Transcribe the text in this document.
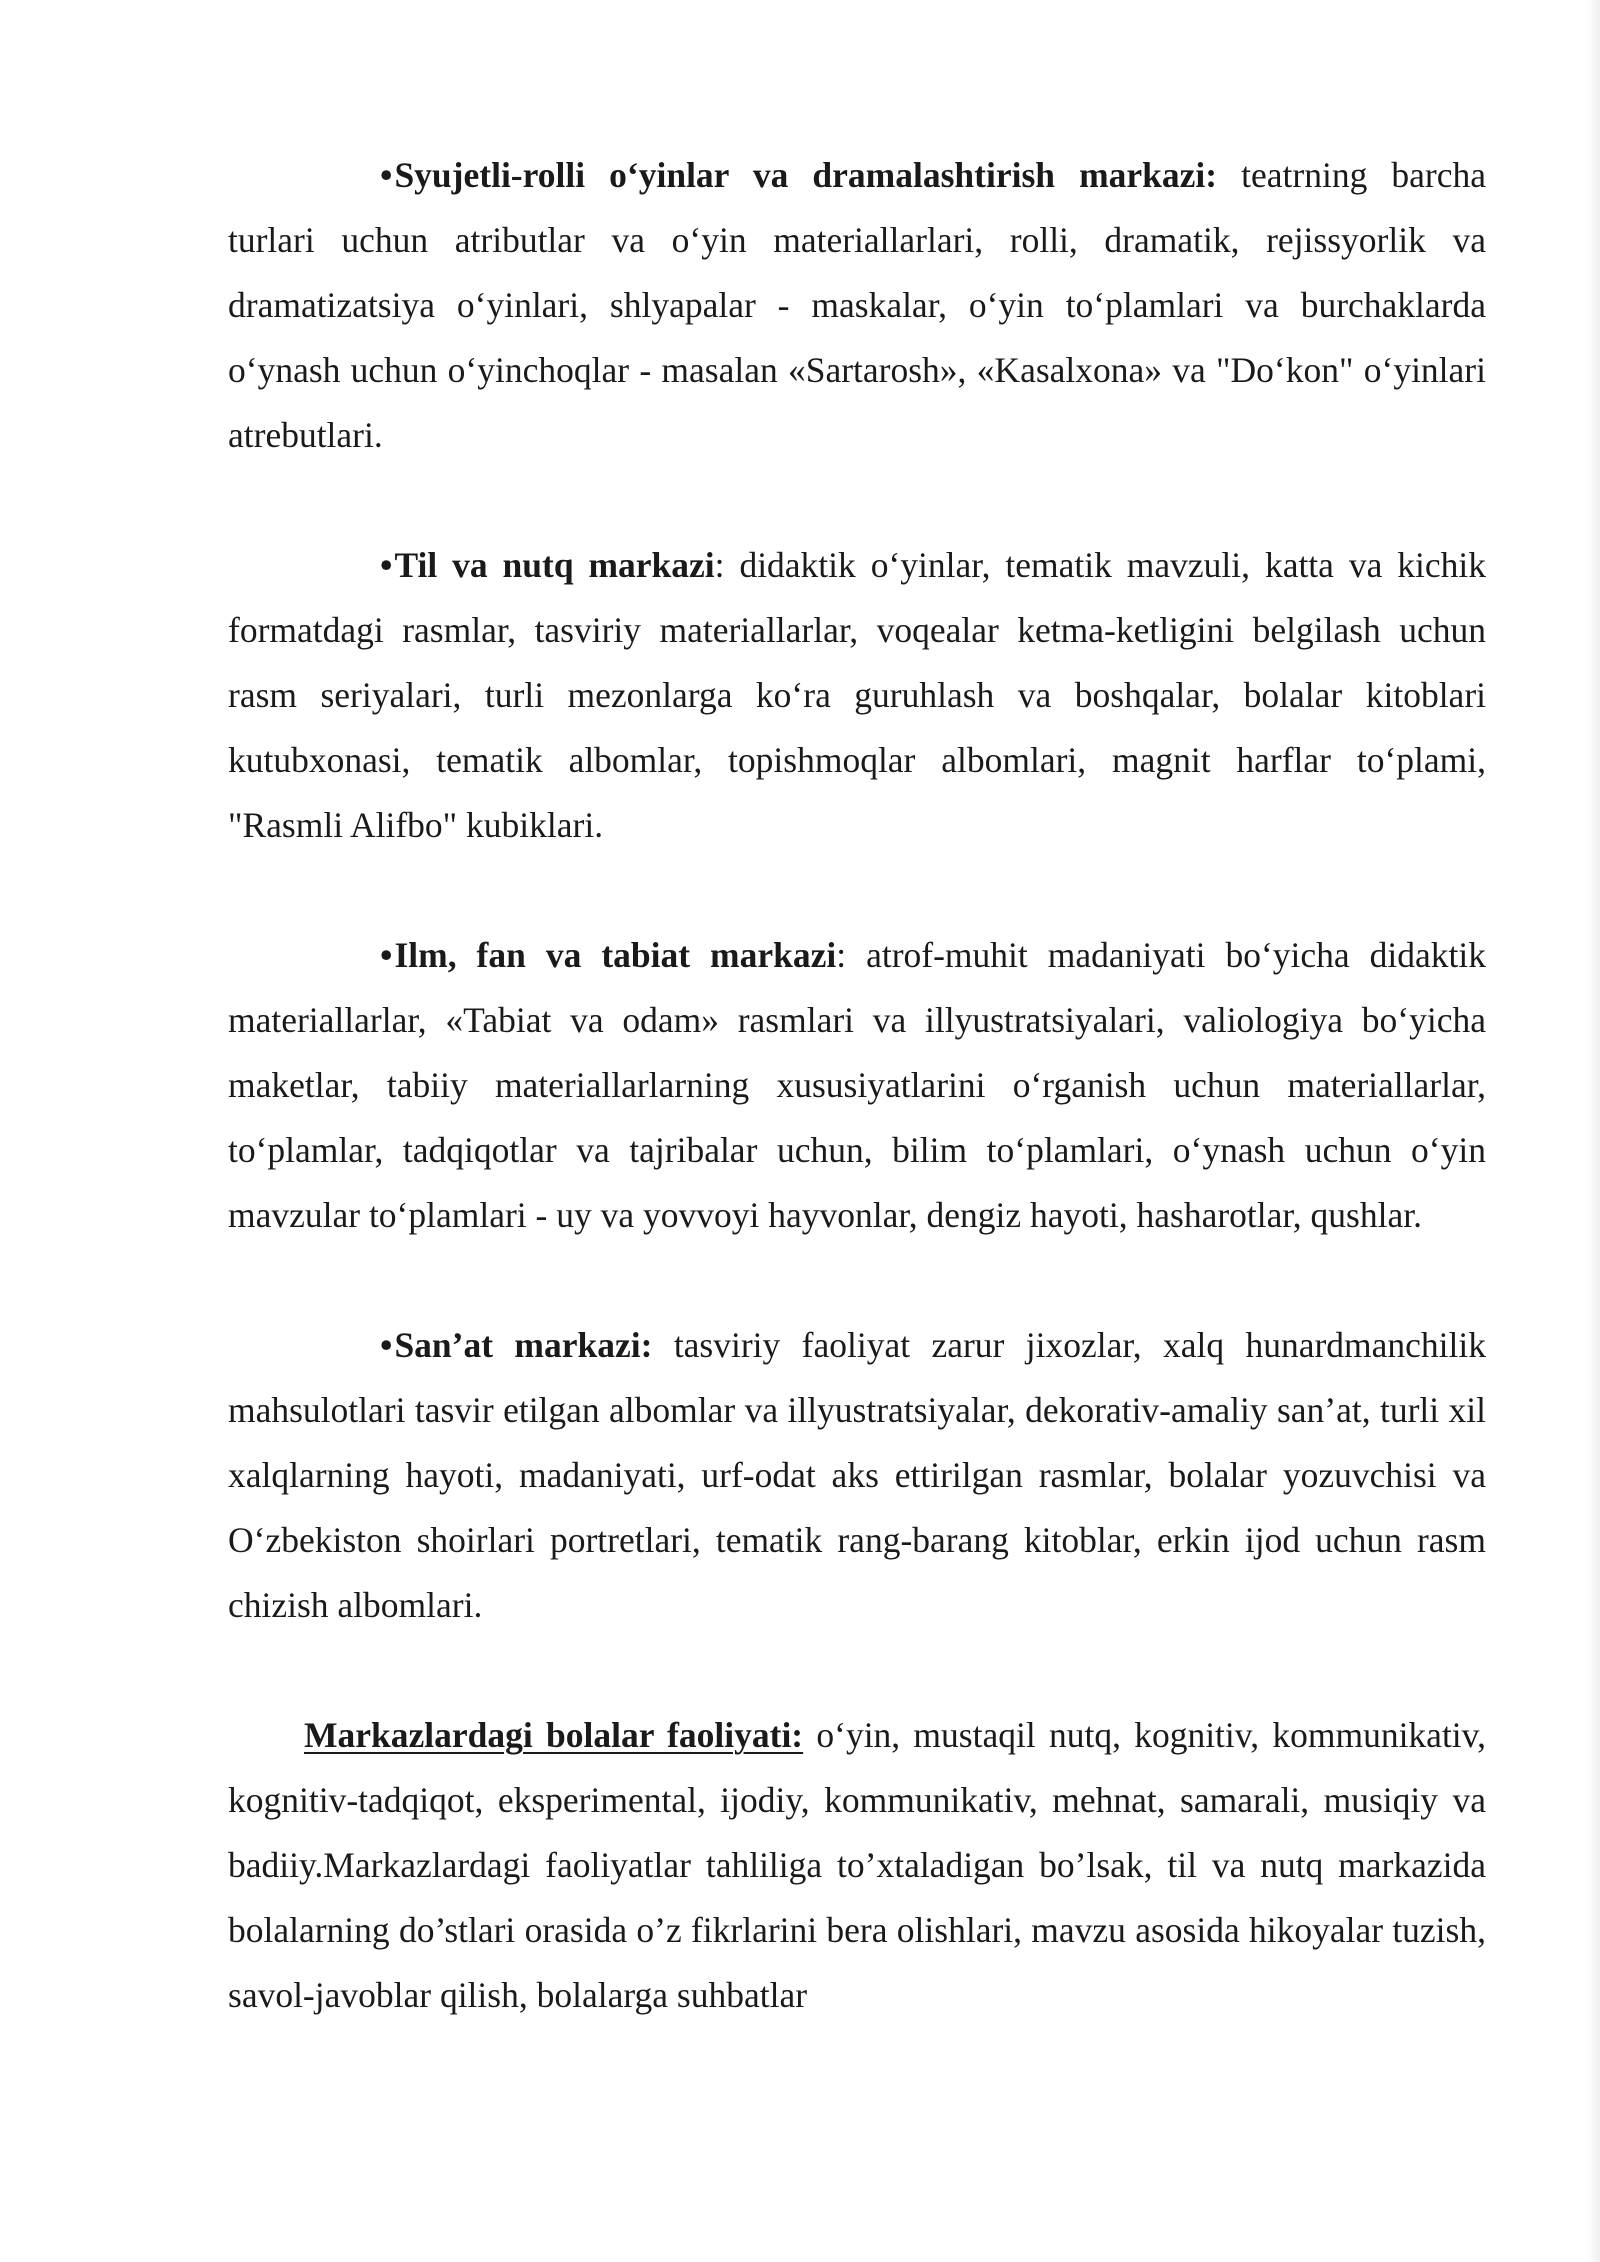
•Syujetli-rolli o‘yinlar va dramalashtirish markazi: teatrning barcha turlari uchun atributlar va o‘yin materiallarlari, rolli, dramatik, rejissyorlik va dramatizatsiya o‘yinlari, shlyapalar - maskalar, o‘yin to‘plamlari va burchaklarda o‘ynash uchun o‘yinchoqlar - masalan «Sartarosh», «Kasalxona» va "Do‘kon" o‘yinlari atrebutlari.

•Til va nutq markazi: didaktik o‘yinlar, tematik mavzuli, katta va kichik formatdagi rasmlar, tasviriy materiallarlar, voqealar ketma-ketligini belgilash uchun rasm seriyalari, turli mezonlarga ko‘ra guruhlash va boshqalar, bolalar kitoblari kutubxonasi, tematik albomlar, topishmoqlar albomlari, magnit harflar to‘plami, "Rasmli Alifbo" kubiklari.

•Ilm, fan va tabiat markazi: atrof-muhit madaniyati bo‘yicha didaktik materiallarlar, «Tabiat va odam» rasmlari va illyustratsiyalari, valiologiya bo‘yicha maketlar, tabiiy materiallarlarning xususiyatlarini o‘rganish uchun materiallarlar, to‘plamlar, tadqiqotlar va tajribalar uchun, bilim to‘plamlari, o‘ynash uchun o‘yin mavzular to‘plamlari - uy va yovvoyi hayvonlar, dengiz hayoti, hasharotlar, qushlar.

•San’at markazi: tasviriy faoliyat zarur jixozlar, xalq hunardmanchilik mahsulotlari tasvir etilgan albomlar va illyustratsiyalar, dekorativ-amaliy san’at, turli xil xalqlarning hayoti, madaniyati, urf-odat aks ettirilgan rasmlar, bolalar yozuvchisi va O‘zbekiston shoirlari portretlari, tematik rang-barang kitoblar, erkin ijod uchun rasm chizish albomlari.

Markazlardagi bolalar faoliyati: o‘yin, mustaqil nutq, kognitiv, kommunikativ, kognitiv-tadqiqot, eksperimental, ijodiy, kommunikativ, mehnat, samarali, musiqiy va badiiy.Markazlardagi faoliyatlar tahliliga to’xtaladigan bo’lsak, til va nutq markazida bolalarning do’stlari orasida o’z fikrlarini bera olishlari, mavzu asosida hikoyalar tuzish, savol-javoblar qilish, bolalarga suhbatlar
